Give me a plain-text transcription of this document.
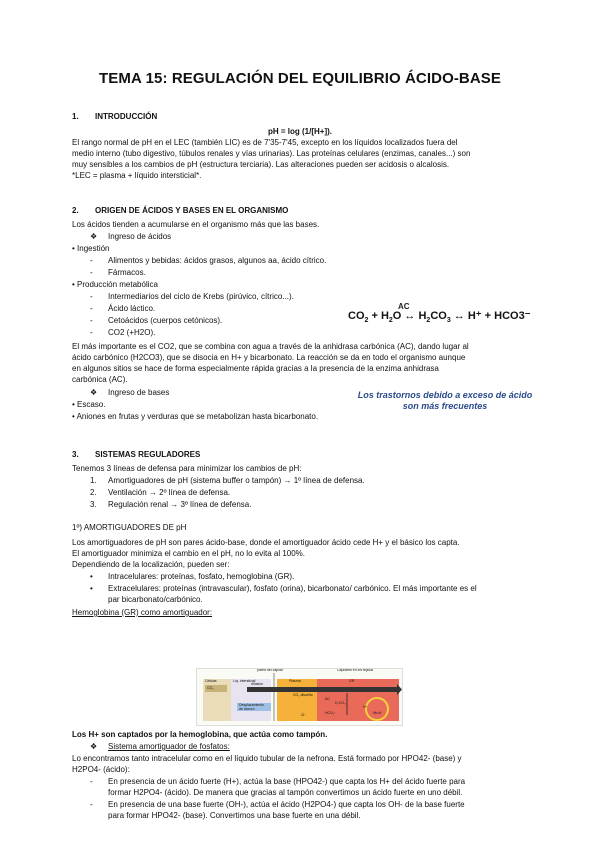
TEMA 15: REGULACIÓN DEL EQUILIBRIO ÁCIDO-BASE
1. INTRODUCCIÓN
pH = log (1/[H+]).
El rango normal de pH en el LEC (también LIC) es de 7'35-7'45, excepto en los líquidos localizados fuera del
medio interno (tubo digestivo, túbulos renales y vías urinarias). Las proteínas celulares (enzimas, canales...) son
muy sensibles a los cambios de pH (estructura terciaria). Las alteraciones pueden ser acidosis o alcalosis.
*LEC = plasma + líquido intersticial*.
2. ORIGEN DE ÁCIDOS Y BASES EN EL ORGANISMO
Los ácidos tienden a acumularse en el organismo más que las bases.
❖ Ingreso de ácidos
• Ingestión
- Alimentos y bebidas: ácidos grasos, algunos aa, ácido cítrico.
- Fármacos.
• Producción metabólica
- Intermediarios del ciclo de Krebs (pirúvico, cítrico...).
- Ácido láctico.
- Cetoácidos (cuerpos cetónicos).
- CO2 (+H2O).
AC
$CO_2 + H_2O$ ↔ $H_2CO_3$ ↔ H⁺ + HCO3⁻
El más importante es el CO2, que se combina con agua a través de la anhidrasa carbónica (AC), dando lugar al
ácido carbónico (H2CO3), que se disocia en H+ y bicarbonato. La reacción se da en todo el organismo aunque
en algunos sitios se hace de forma especialmente rápida gracias a la presencia de la enzima anhidrasa
carbónica (AC).
❖ Ingreso de bases
• Escaso.
• Aniones en frutas y verduras que se metabolizan hasta bicarbonato.
Los trastornos debido a exceso de ácido
son más frecuentes
3. SISTEMAS REGULADORES
Tenemos 3 líneas de defensa para minimizar los cambios de pH:
1. Amortiguadores de pH (sistema buffer o tampón) → 1º línea de defensa.
2. Ventilación → 2º línea de defensa.
3. Regulación renal → 3º línea de defensa.
1º) AMORTIGUADORES DE pH
Los amortiguadores de pH son pares ácido-base, donde el amortiguador ácido cede H+ y el básico los capta.
El amortiguador minimiza el cambio en el pH, no lo evita al 100%.
Dependiendo de la localización, pueden ser:
• Intracelulares: proteínas, fosfato, hemoglobina (GR).
• Extracelulares: proteínas (intravascular), fosfato (orina), bicarbonato/ carbónico. El más importante es el
par bicarbonato/carbónico.
Hemoglobina (GR) como amortiguador:
pared del capilar	Capilares en los tejidos
Células	Líq. intersticial	Plasma	GR
CO₂
difusión
CO₂ disuelto
Desplazamiento
de cloruro
AC
H₂CO₃
HCO₃⁻
Cl⁻
H⁺
Hb-H
Los H+ son captados por la hemoglobina, que actúa como tampón.
❖ Sistema amortiguador de fosfatos:
Lo encontramos tanto intracelular como en el líquido tubular de la nefrona. Está formado por HPO42- (base) y
H2PO4- (ácido):
- En presencia de un ácido fuerte (H+), actúa la base (HPO42-) que capta los H+ del ácido fuerte para
formar H2PO4- (ácido). De manera que gracias al tampón convertimos un ácido fuerte en uno débil.
- En presencia de una base fuerte (OH-), actúa el ácido (H2PO4-) que capta los OH- de la base fuerte
para formar HPO42- (base). Convertimos una base fuerte en una débil.
